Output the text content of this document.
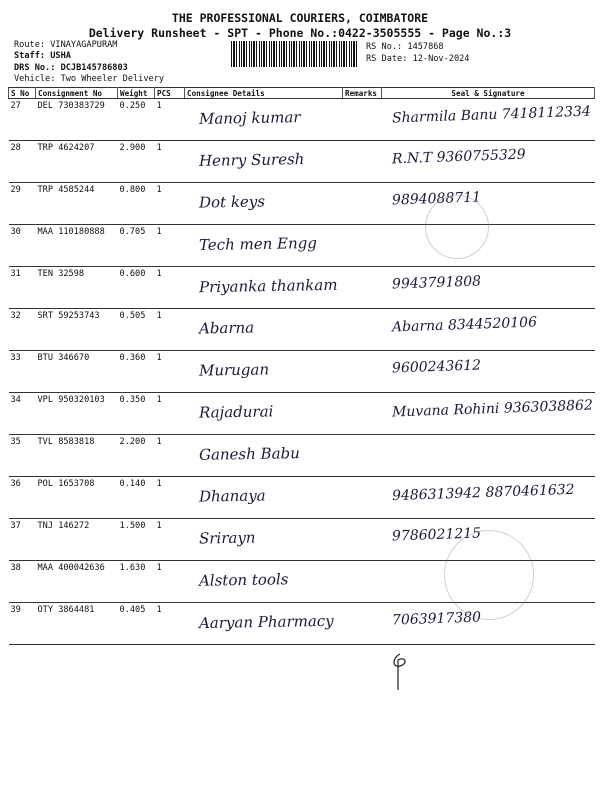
THE PROFESSIONAL COURIERS, COIMBATORE
Delivery Runsheet - SPT - Phone No.:0422-3505555 - Page No.:3
Route: VINAYAGAPURAM
Staff: USHA
DRS No.: DCJB145786803
Vehicle: Two Wheeler Delivery
RS No.: 1457868
RS Date: 12-Nov-2024
S No	Consignment No	Weight	PCS	Consignee Details	Remarks	Seal & Signature
27	DEL 730383729	0.250	1	Manoj kumar		Sharmila Banu 7418112334
28	TRP 4624207	2.900	1	Henry Suresh		R.N.T 9360755329
29	TRP 4585244	0.800	1	Dot keys		9894088711
30	MAA 110180888	0.705	1	Tech men Engg		
31	TEN 32598	0.600	1	Priyanka thankam		9943791808
32	SRT 59253743	0.505	1	Abarna		Abarna 8344520106
33	BTU 346670	0.360	1	Murugan		9600243612
34	VPL 950320103	0.350	1	Rajadurai		Muvana Rohini 9363038862
35	TVL 8583818	2.200	1	Ganesh Babu		
36	POL 1653708	0.140	1	Dhanaya		9486313942 8870461632
37	TNJ 146272	1.500	1	Srirayn		9786021215
38	MAA 400042636	1.630	1	Alston tools		
39	OTY 3864481	0.405	1	Aaryan Pharmacy		7063917380
